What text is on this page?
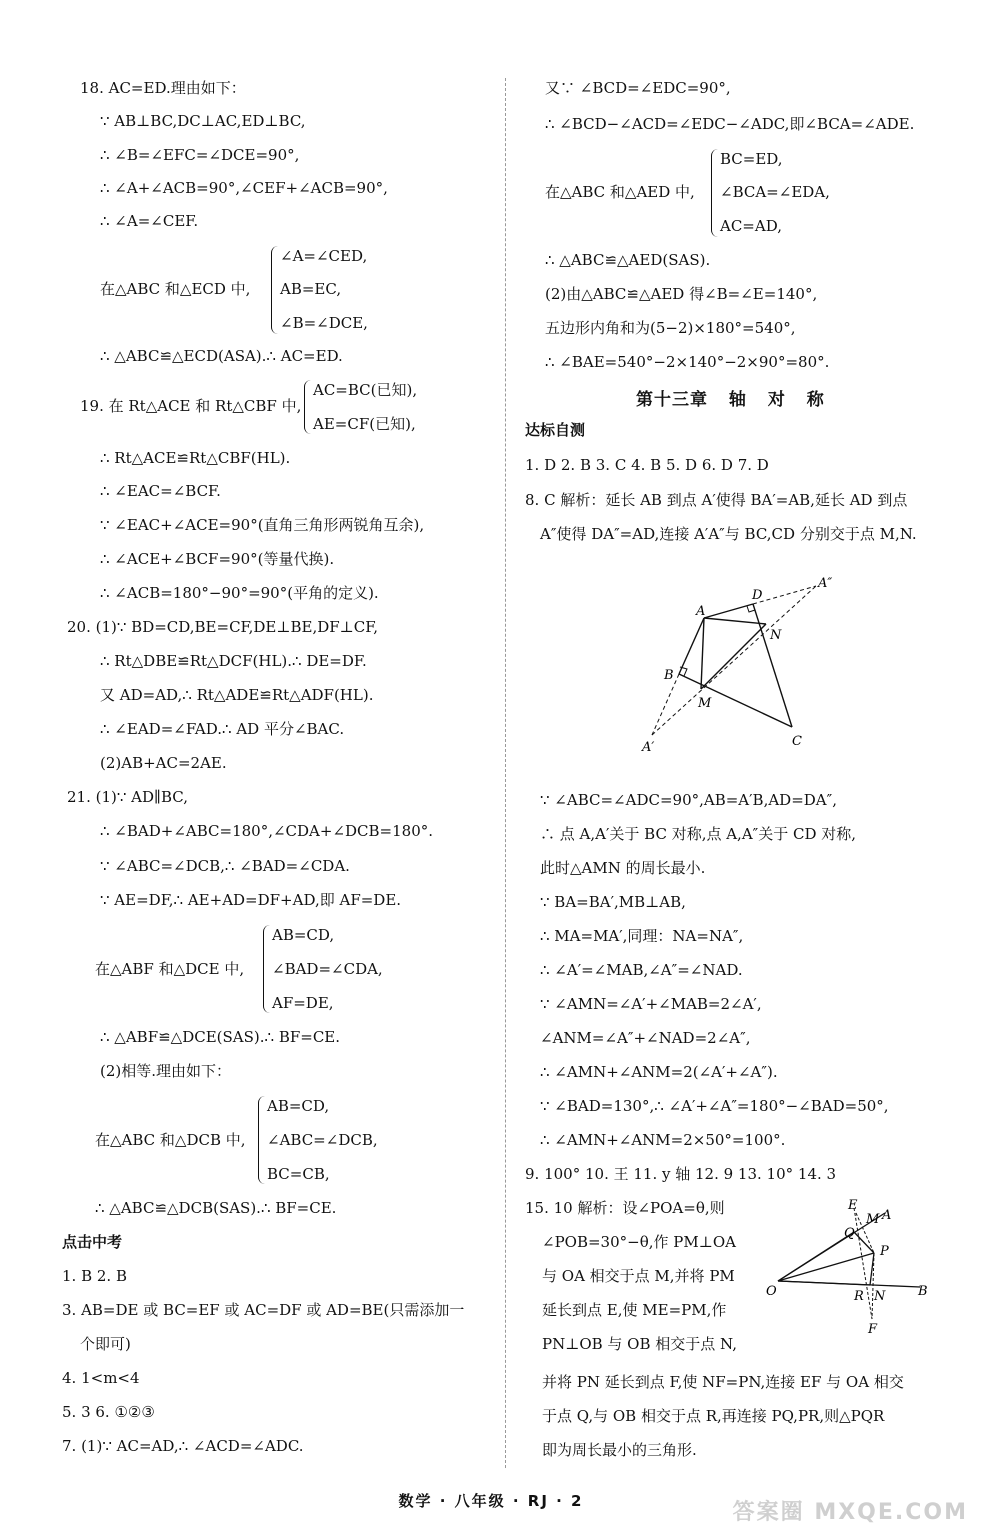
18. AC=ED.理由如下：
∵ AB⊥BC,DC⊥AC,ED⊥BC,
∴ ∠B=∠EFC=∠DCE=90°,
∴ ∠A+∠ACB=90°,∠CEF+∠ACB=90°,
∴ ∠A=∠CEF.
∠A=∠CED,
在△ABC 和△ECD 中, AB=EC,
∠B=∠DCE,
∴ △ABC≌△ECD(ASA).∴ AC=ED.
AC=BC(已知),
19. 在 Rt△ACE 和 Rt△CBF 中,
AE=CF(已知),
∴ Rt△ACE≌Rt△CBF(HL).
∴ ∠EAC=∠BCF.
∵ ∠EAC+∠ACE=90°(直角三角形两锐角互余),
∴ ∠ACE+∠BCF=90°(等量代换).
∴ ∠ACB=180°−90°=90°(平角的定义).
20. (1)∵ BD=CD,BE=CF,DE⊥BE,DF⊥CF,
∴ Rt△DBE≌Rt△DCF(HL).∴ DE=DF.
又 AD=AD,∴ Rt△ADE≌Rt△ADF(HL).
∴ ∠EAD=∠FAD.∴ AD 平分∠BAC.
(2)AB+AC=2AE.
21. (1)∵ AD∥BC,
∴ ∠BAD+∠ABC=180°,∠CDA+∠DCB=180°.
∵ ∠ABC=∠DCB,∴ ∠BAD=∠CDA.
∵ AE=DF,∴ AE+AD=DF+AD,即 AF=DE.
AB=CD,
在△ABF 和△DCE 中, ∠BAD=∠CDA,
AF=DE,
∴ △ABF≌△DCE(SAS).∴ BF=CE.
(2)相等.理由如下：
AB=CD,
在△ABC 和△DCB 中, ∠ABC=∠DCB,
BC=CB,
∴ △ABC≌△DCB(SAS).∴ BF=CE.
点击中考
1. B 2. B
3. AB=DE 或 BC=EF 或 AC=DF 或 AD=BE(只需添加一
个即可)
4. 1<m<4
5. 3 6. ①②③
7. (1)∵ AC=AD,∴ ∠ACD=∠ADC.
又∵ ∠BCD=∠EDC=90°,
∴ ∠BCD−∠ACD=∠EDC−∠ADC,即∠BCA=∠ADE.
BC=ED,
在△ABC 和△AED 中, ∠BCA=∠EDA,
AC=AD,
∴ △ABC≌△AED(SAS).
(2)由△ABC≌△AED 得∠B=∠E=140°,
五边形内角和为(5−2)×180°=540°,
∴ ∠BAE=540°−2×140°−2×90°=80°.
第十三章 轴 对 称
达标自测
1. D 2. B 3. C 4. B 5. D 6. D 7. D
8. C 解析：延长 AB 到点 A′使得 BA′=AB,延长 AD 到点
A″使得 DA″=AD,连接 A′A″与 BC,CD 分别交于点 M,N.
A
D
A″
N
B
M
C
A′
∵ ∠ABC=∠ADC=90°,AB=A′B,AD=DA″,
∴ 点 A,A′关于 BC 对称,点 A,A″关于 CD 对称,
此时△AMN 的周长最小.
∵ BA=BA′,MB⊥AB,
∴ MA=MA′,同理：NA=NA″,
∴ ∠A′=∠MAB,∠A″=∠NAD.
∵ ∠AMN=∠A′+∠MAB=2∠A′,
∠ANM=∠A″+∠NAD=2∠A″,
∴ ∠AMN+∠ANM=2(∠A′+∠A″).
∵ ∠BAD=130°,∴ ∠A′+∠A″=180°−∠BAD=50°,
∴ ∠AMN+∠ANM=2×50°=100°.
9. 100° 10. 王 11. y 轴 12. 9 13. 10° 14. 3
15. 10 解析：设∠POA=θ,则
∠POB=30°−θ,作 PM⊥OA
与 OA 相交于点 M,并将 PM
延长到点 E,使 ME=PM,作
PN⊥OB 与 OB 相交于点 N,
E
M A
Q
P
O	R N	B
F
并将 PN 延长到点 F,使 NF=PN,连接 EF 与 OA 相交
于点 Q,与 OB 相交于点 R,再连接 PQ,PR,则△PQR
即为周长最小的三角形.
数学 · 八年级 · RJ · 2	答案圈 MXQE.COM
